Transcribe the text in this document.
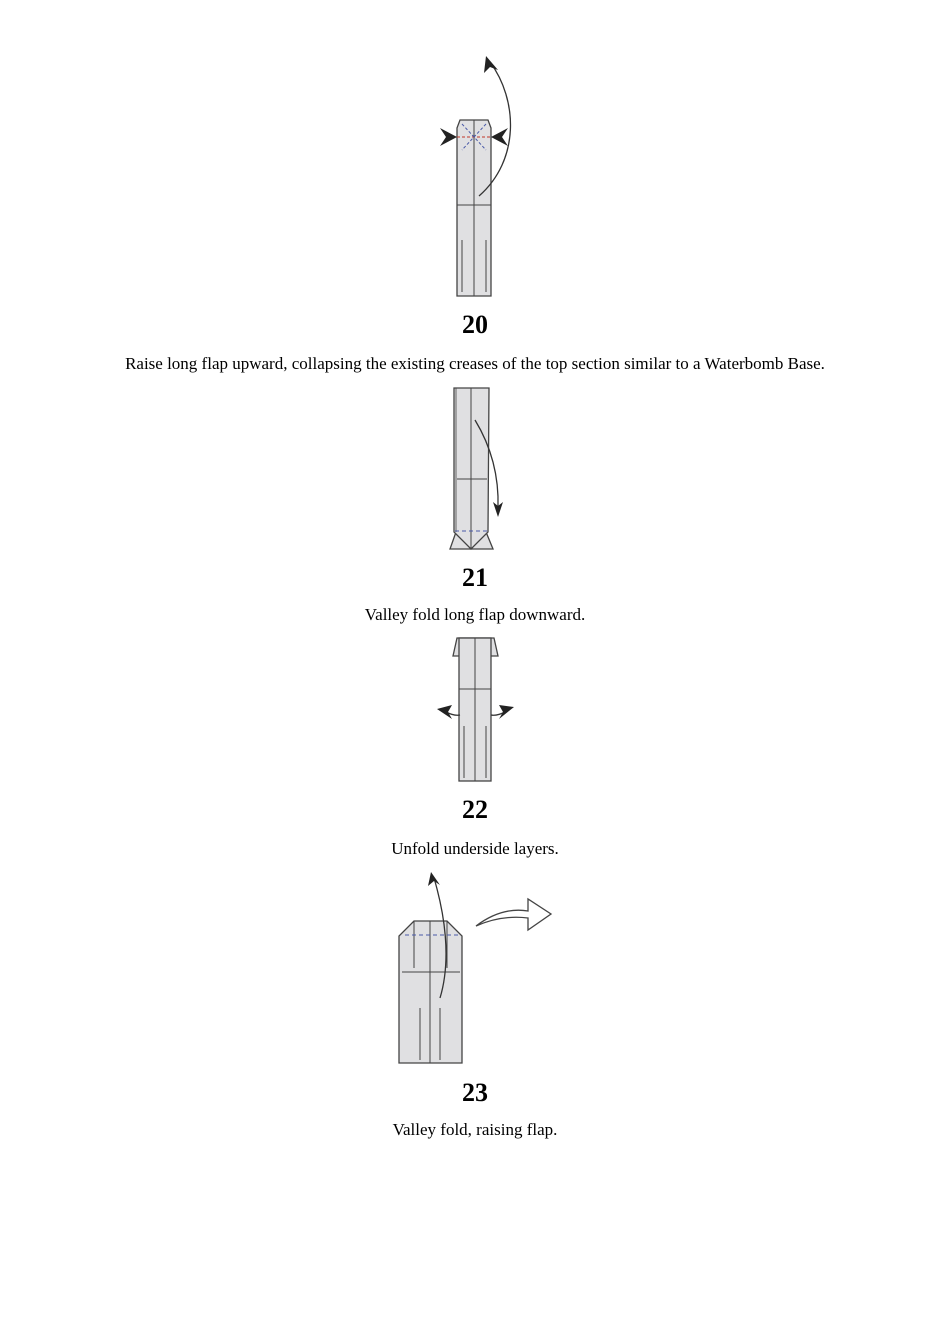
20
Raise long flap upward, collapsing the existing creases of the top section similar to a Waterbomb Base.
21
Valley fold long flap downward.
22
Unfold underside layers.
23
Valley fold, raising flap.
